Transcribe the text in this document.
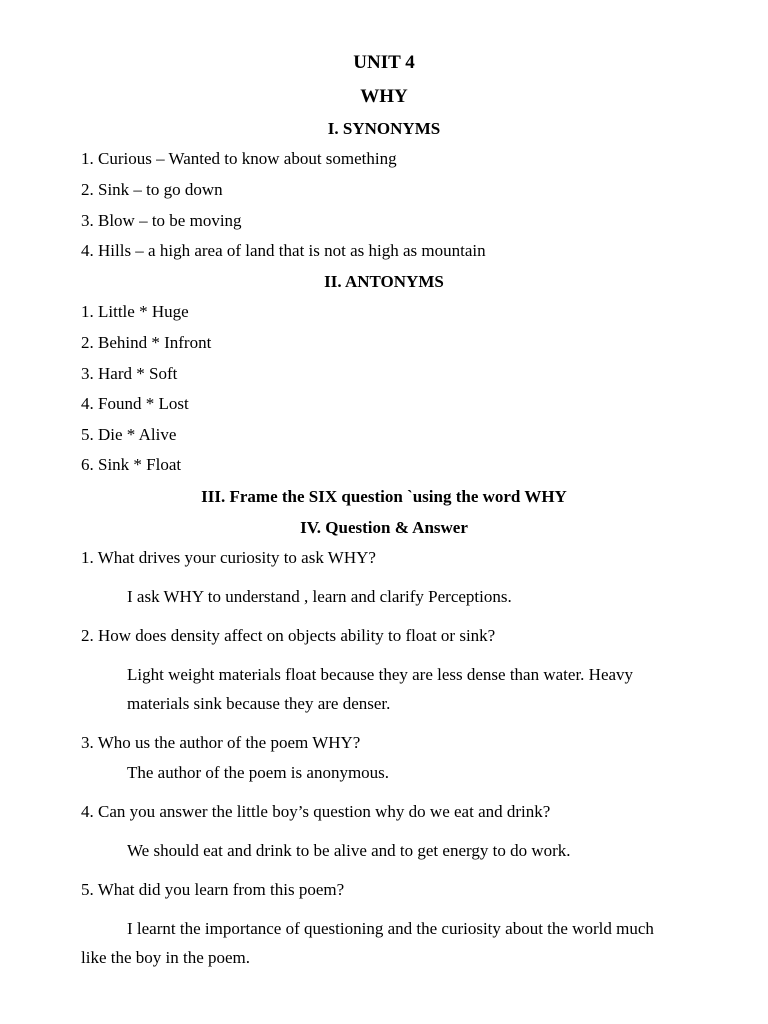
UNIT 4
WHY
I. SYNONYMS
1. Curious – Wanted to know about something
2. Sink – to go down
3. Blow – to be moving
4. Hills – a high area of land that is not as high as mountain
II. ANTONYMS
1. Little * Huge
2. Behind * Infront
3. Hard * Soft
4. Found * Lost
5. Die * Alive
6. Sink * Float
III. Frame the SIX question `using the word WHY
IV. Question & Answer
1. What drives your curiosity to ask WHY?
I ask WHY to understand , learn and clarify Perceptions.
2. How does density affect on objects ability to float or sink?
Light weight materials float because they are less dense than water. Heavy
materials sink because they are denser.
3. Who us the author of the poem WHY?
The author of the poem is anonymous.
4. Can you answer the little boy’s question why do we eat and drink?
We should eat and drink to be alive and to get energy to do work.
5. What did you learn from this poem?
I learnt the importance of questioning and the curiosity about the world much
like the boy in the poem.
